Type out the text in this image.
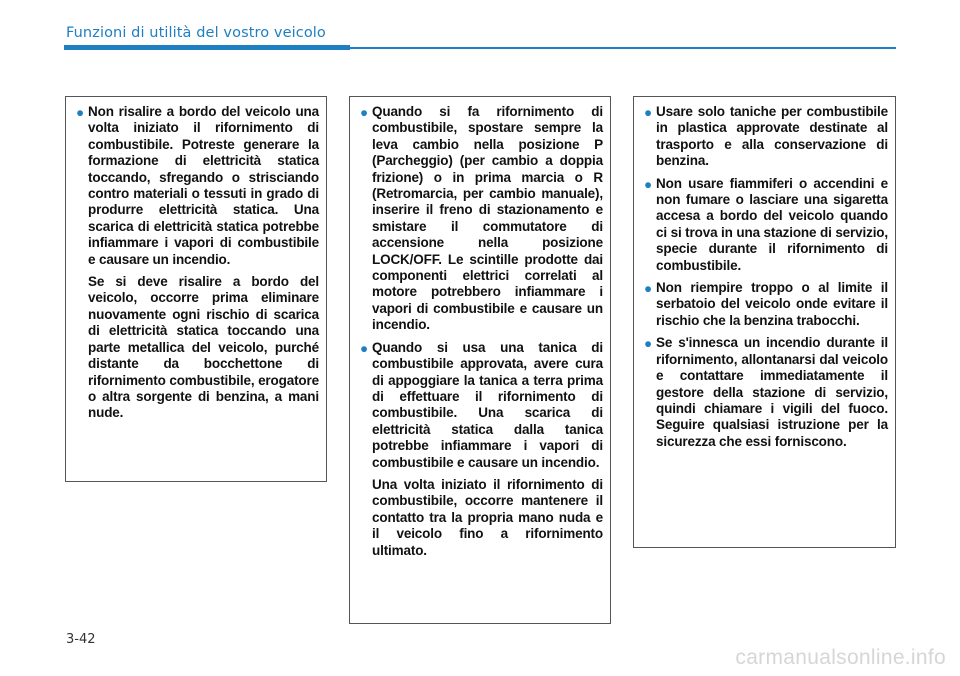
Funzioni di utilità del vostro veicolo
● Non risalire a bordo del veicolo una volta iniziato il rifornimento di combustibile. Potreste generare la formazione di elettricità statica toccando, sfregando o strisciando contro materiali o tessuti in grado di produrre elettricità statica. Una scarica di elettricità statica potrebbe infiammare i vapori di combustibile e causare un incendio.
Se si deve risalire a bordo del veicolo, occorre prima eliminare nuovamente ogni rischio di scarica di elettricità statica toccando una parte metallica del veicolo, purché distante da bocchettone di rifornimento combustibile, erogatore o altra sorgente di benzina, a mani nude.
● Quando si fa rifornimento di combustibile, spostare sempre la leva cambio nella posizione P (Parcheggio) (per cambio a doppia frizione) o in prima marcia o R (Retromarcia, per cambio manuale), inserire il freno di stazionamento e smistare il commutatore di accensione nella posizione LOCK/OFF. Le scintille prodotte dai componenti elettrici correlati al motore potrebbero infiammare i vapori di combustibile e causare un incendio.
● Quando si usa una tanica di combustibile approvata, avere cura di appoggiare la tanica a terra prima di effettuare il rifornimento di combustibile. Una scarica di elettricità statica dalla tanica potrebbe infiammare i vapori di combustibile e causare un incendio.
Una volta iniziato il rifornimento di combustibile, occorre mantenere il contatto tra la propria mano nuda e il veicolo fino a rifornimento ultimato.
● Usare solo taniche per combustibile in plastica approvate destinate al trasporto e alla conservazione di benzina.
● Non usare fiammiferi o accendini e non fumare o lasciare una sigaretta accesa a bordo del veicolo quando ci si trova in una stazione di servizio, specie durante il rifornimento di combustibile.
● Non riempire troppo o al limite il serbatoio del veicolo onde evitare il rischio che la benzina trabocchi.
● Se s'innesca un incendio durante il rifornimento, allontanarsi dal veicolo e contattare immediatamente il gestore della stazione di servizio, quindi chiamare i vigili del fuoco. Seguire qualsiasi istruzione per la sicurezza che essi forniscono.
3-42
carmanualsonline.info
